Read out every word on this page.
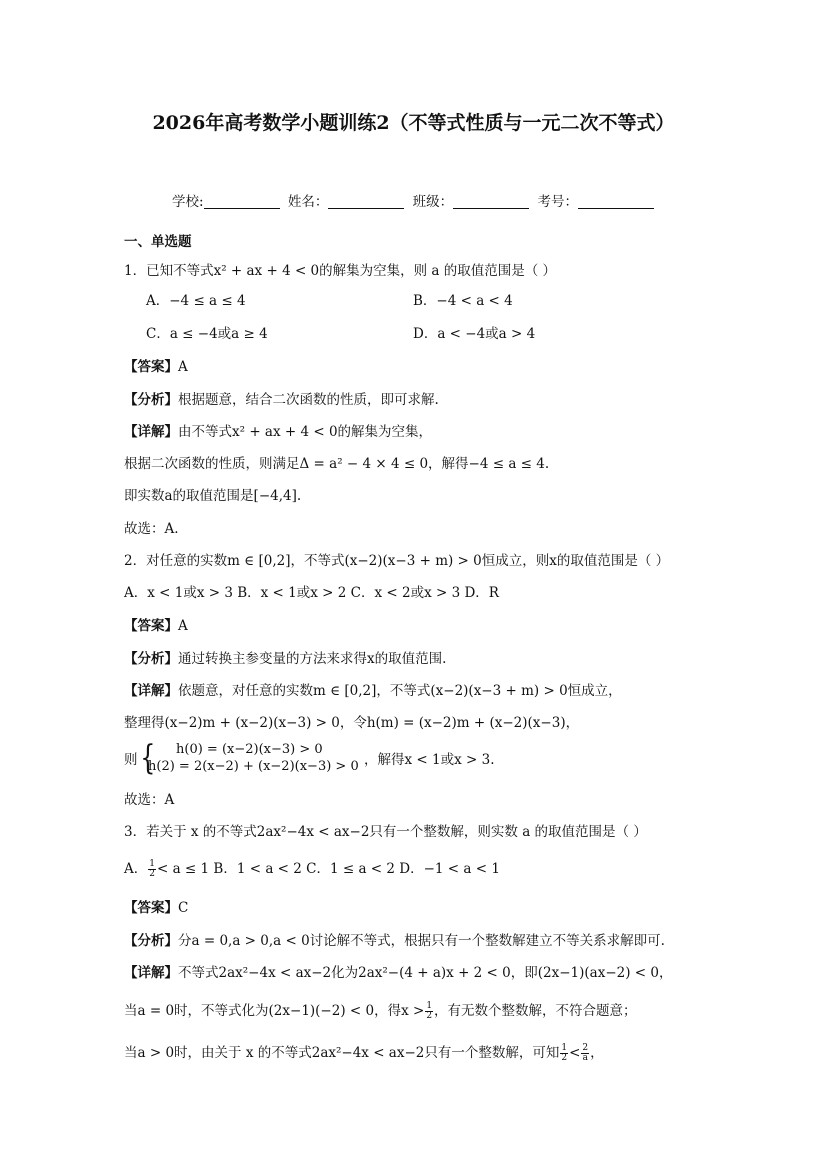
2026年高考数学小题训练2（不等式性质与一元二次不等式）
学校:	姓名：	班级：	考号：
一、单选题
1．已知不等式x² + ax + 4 < 0的解集为空集，则 a 的取值范围是（ ）
A．−4 ≤ a ≤ 4	B．−4 < a < 4
C．a ≤ −4或a ≥ 4	D．a < −4或a > 4
【答案】A
【分析】根据题意，结合二次函数的性质，即可求解.
【详解】由不等式x² + ax + 4 < 0的解集为空集，
根据二次函数的性质，则满足Δ = a² − 4 × 4 ≤ 0，解得−4 ≤ a ≤ 4.
即实数a的取值范围是[−4,4].
故选：A.
2．对任意的实数m ∈ [0,2]，不等式(x−2)(x−3 + m) > 0恒成立，则x的取值范围是（ ）
A．x < 1或x > 3 B．x < 1或x > 2 C．x < 2或x > 3 D．R
【答案】A
【分析】通过转换主参变量的方法来求得x的取值范围.
【详解】依题意，对任意的实数m ∈ [0,2]，不等式(x−2)(x−3 + m) > 0恒成立，
整理得(x−2)m + (x−2)(x−3) > 0，令h(m) = (x−2)m + (x−2)(x−3)，
则 { h(0) = (x−2)(x−3) > 0
h(2) = 2(x−2) + (x−2)(x−3) > 0 ，解得x < 1或x > 3.
故选：A
3．若关于 x 的不等式2ax²−4x < ax−2只有一个整数解，则实数 a 的取值范围是（ ）
A． $\frac{1}{2} < a \le 1$ B．1 < a < 2 C．1 ≤ a < 2 D．−1 < a < 1
【答案】C
【分析】分a = 0,a > 0,a < 0讨论解不等式，根据只有一个整数解建立不等关系求解即可.
【详解】不等式2ax²−4x < ax−2化为2ax²−(4 + a)x + 2 < 0，即(2x−1)(ax−2) < 0，
当a = 0时，不等式化为(2x−1)(−2) < 0，得$x > \frac{1}{2}$ ，有无数个整数解，不符合题意；
当a > 0时，由关于 x 的不等式2ax²−4x < ax−2只有一个整数解，可知 $\frac{1}{2} < \frac{2}{a}$ ，
